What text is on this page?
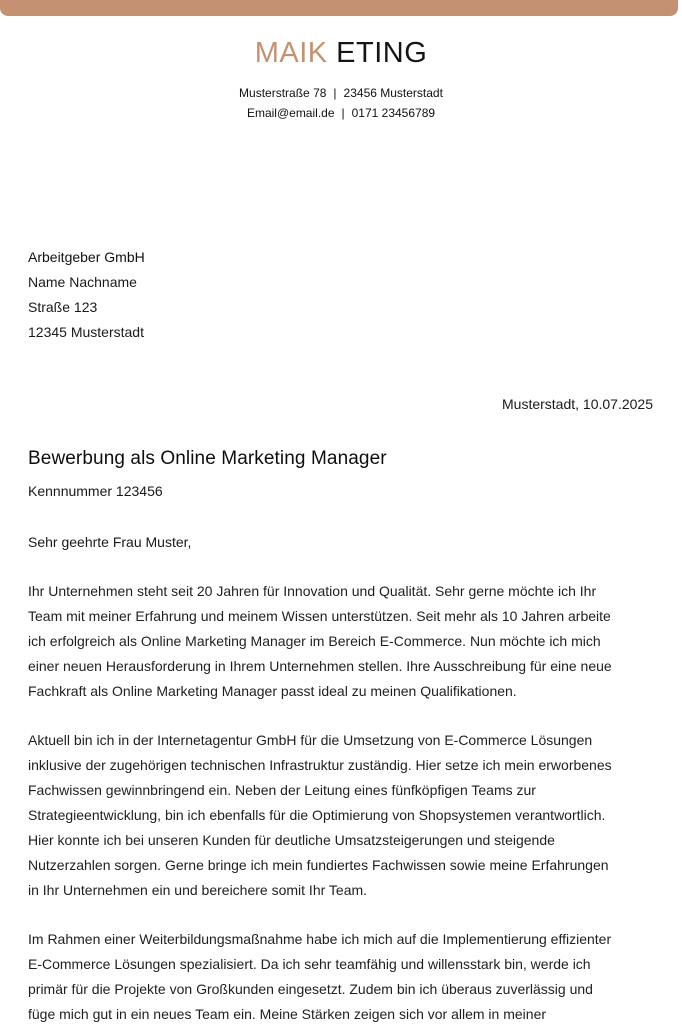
MAIK ETING
Musterstraße 78 | 23456 Musterstadt
Email@email.de | 0171 23456789
Arbeitgeber GmbH
Name Nachname
Straße 123
12345 Musterstadt
Musterstadt, 10.07.2025
Bewerbung als Online Marketing Manager
Kennnummer 123456
Sehr geehrte Frau Muster,
Ihr Unternehmen steht seit 20 Jahren für Innovation und Qualität. Sehr gerne möchte ich Ihr
Team mit meiner Erfahrung und meinem Wissen unterstützen. Seit mehr als 10 Jahren arbeite
ich erfolgreich als Online Marketing Manager im Bereich E-Commerce. Nun möchte ich mich
einer neuen Herausforderung in Ihrem Unternehmen stellen. Ihre Ausschreibung für eine neue
Fachkraft als Online Marketing Manager passt ideal zu meinen Qualifikationen.
Aktuell bin ich in der Internetagentur GmbH für die Umsetzung von E-Commerce Lösungen
inklusive der zugehörigen technischen Infrastruktur zuständig. Hier setze ich mein erworbenes
Fachwissen gewinnbringend ein. Neben der Leitung eines fünfköpfigen Teams zur
Strategieentwicklung, bin ich ebenfalls für die Optimierung von Shopsystemen verantwortlich.
Hier konnte ich bei unseren Kunden für deutliche Umsatzsteigerungen und steigende
Nutzerzahlen sorgen. Gerne bringe ich mein fundiertes Fachwissen sowie meine Erfahrungen
in Ihr Unternehmen ein und bereichere somit Ihr Team.
Im Rahmen einer Weiterbildungsmaßnahme habe ich mich auf die Implementierung effizienter
E-Commerce Lösungen spezialisiert. Da ich sehr teamfähig und willensstark bin, werde ich
primär für die Projekte von Großkunden eingesetzt. Zudem bin ich überaus zuverlässig und
füge mich gut in ein neues Team ein. Meine Stärken zeigen sich vor allem in meiner
